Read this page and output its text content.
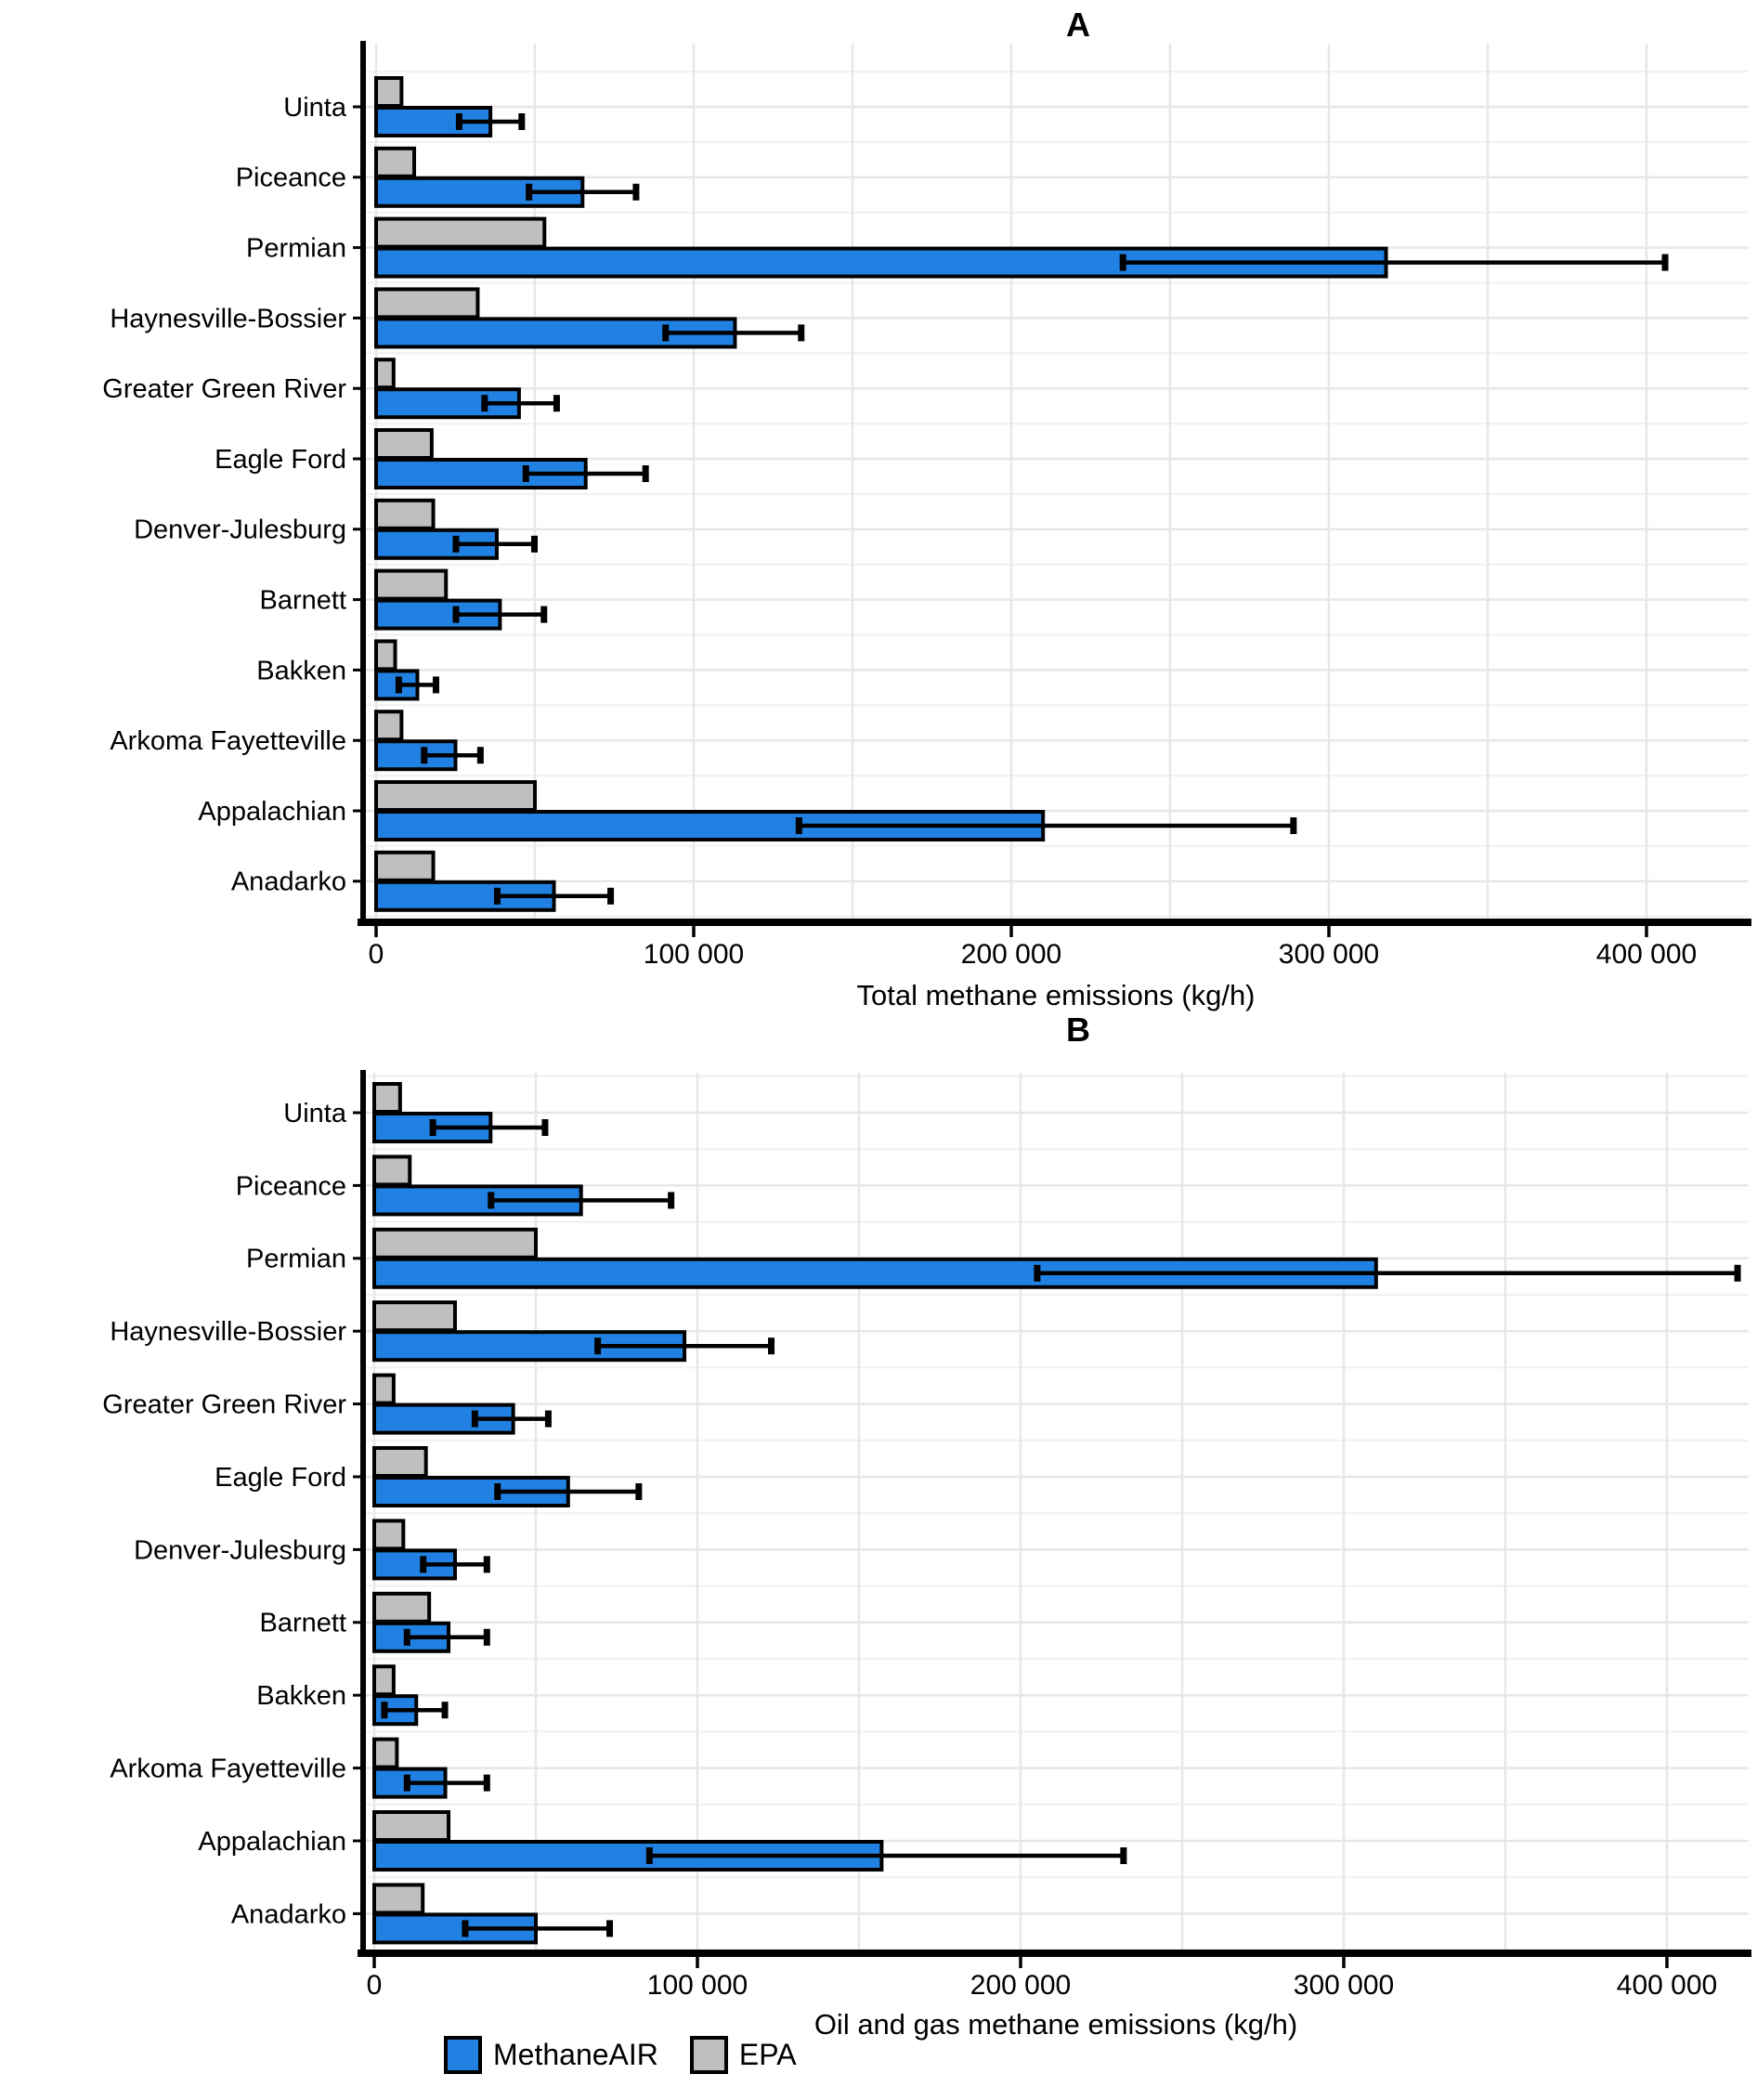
A
Uinta
Piceance
Permian
Haynesville-Bossier
Greater Green River
Eagle Ford
Denver-Julesburg
Barnett
Bakken
Arkoma Fayetteville
Appalachian
Anadarko
0	100 000	200 000	300 000	400 000
Total methane emissions (kg/h)
B
Uinta
Piceance
Permian
Haynesville-Bossier
Greater Green River
Eagle Ford
Denver-Julesburg
Barnett
Bakken
Arkoma Fayetteville
Appalachian
Anadarko
0	100 000	200 000	300 000	400 000
Oil and gas methane emissions (kg/h)
MethaneAIR	EPA
